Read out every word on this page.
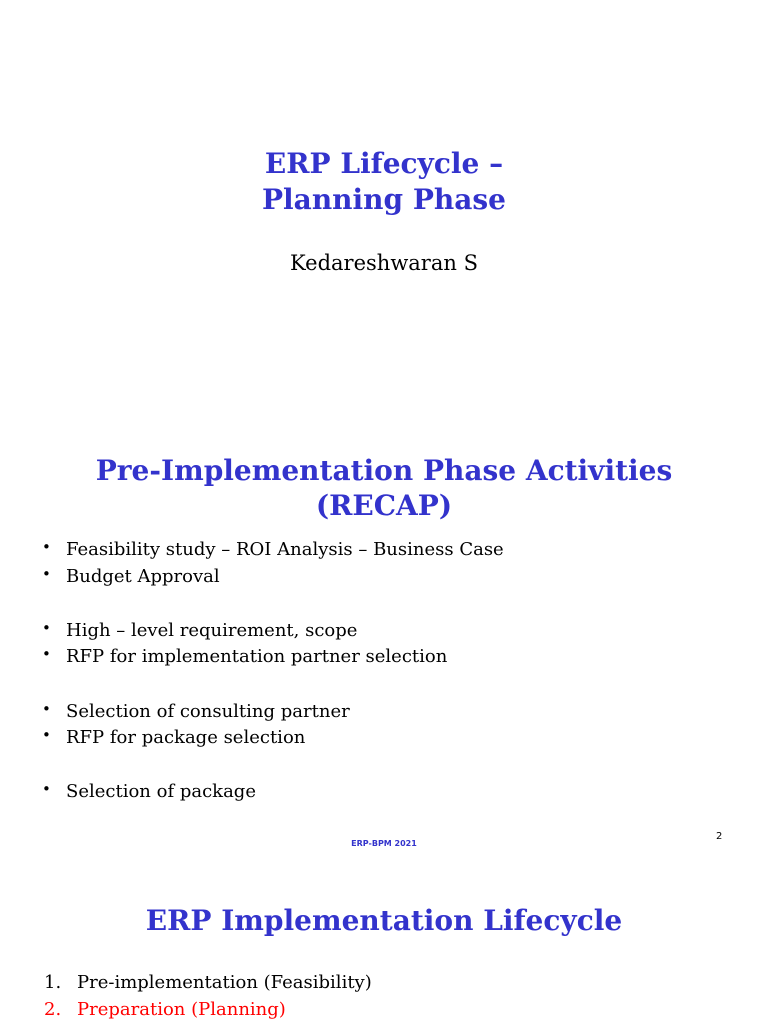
ERP Lifecycle –
Planning Phase

Kedareshwaran S

Pre-Implementation Phase Activities
(RECAP)
• Feasibility study – ROI Analysis – Business Case
• Budget Approval
• High – level requirement, scope
• RFP for implementation partner selection
• Selection of consulting partner
• RFP for package selection
• Selection of package
ERP-BPM 2021
2
ERP Implementation Lifecycle
1. Pre-implementation (Feasibility)
2. Preparation (Planning)
